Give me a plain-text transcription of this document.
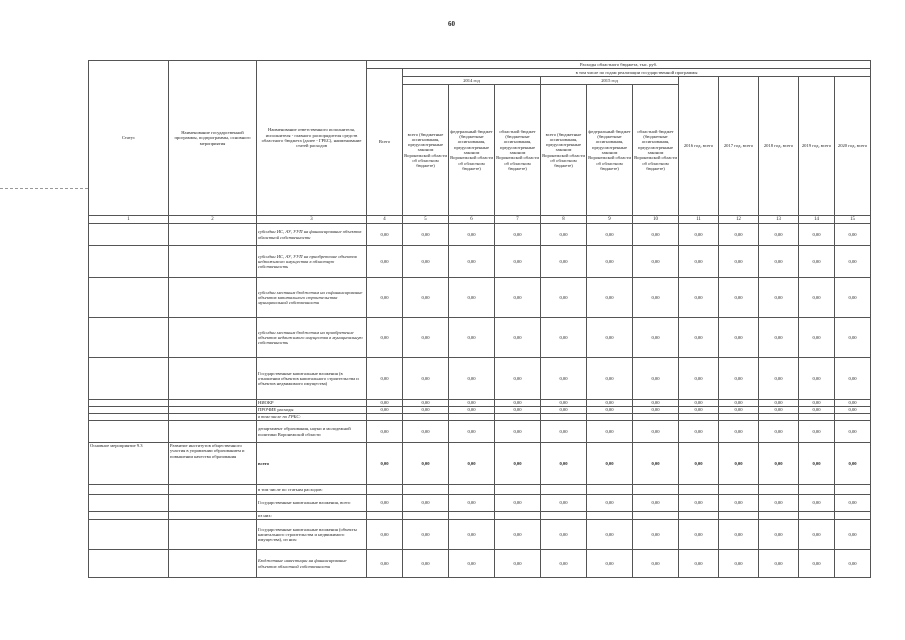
60
Статус	Наименование государственной программы, подпрограммы, основного мероприятия	Наименование ответственного исполнителя, исполнителя - главного распорядителя средств областного бюджета (далее - ГРБС), наименование статей расходов	Расходы областного бюджета, тыс. руб.											
			Всего	в том числе по годам реализации государственной программы										
				2014 год			2015 год			2016 год, всего	2017 год, всего	2018 год, всего	2019 год, всего	2020 год, всего
				всего (бюджетные ассигнования, предусмотренные законом Воронежской области об областном бюджете)	федеральный бюджет (бюджетные ассигнования, предусмотренные законом Воронежской области об областном бюджете)	областной бюджет (бюджетные ассигнования, предусмотренные законом Воронежской области об областном бюджете)	всего (бюджетные ассигнования, предусмотренные законом Воронежской области об областном бюджете)	федеральный бюджет (бюджетные ассигнования, предусмотренные законом Воронежской области об областном бюджете)	областной бюджет (бюджетные ассигнования, предусмотренные законом Воронежской области об областном бюджете)					
1	2	3	4	5	6	7	8	9	10	11	12	13	14	15
		субсидии ИС, АУ, УУП на финансирование объектов областной собственности	0,00	0,00	0,00	0,00	0,00	0,00	0,00	0,00	0,00	0,00	0,00	0,00
		субсидии ИС, АУ, УУП на приобретение объектов недвижимого имущества в областную собственность	0,00	0,00	0,00	0,00	0,00	0,00	0,00	0,00	0,00	0,00	0,00	0,00
		субсидии местным бюджетам на софинансирование объектов капитального строительства муниципальной собственности	0,00	0,00	0,00	0,00	0,00	0,00	0,00	0,00	0,00	0,00	0,00	0,00
		субсидии местным бюджетам на приобретение объектов недвижимого имущества в муниципальную собственность	0,00	0,00	0,00	0,00	0,00	0,00	0,00	0,00	0,00	0,00	0,00	0,00
		Государственные капитальные вложения (в отношении объектов капитального строительства и объектов недвижимого имущества)	0,00	0,00	0,00	0,00	0,00	0,00	0,00	0,00	0,00	0,00	0,00	0,00
		НИОКР	0,00	0,00	0,00	0,00	0,00	0,00	0,00	0,00	0,00	0,00	0,00	0,00
		ПРОЧИЕ расходы	0,00	0,00	0,00	0,00	0,00	0,00	0,00	0,00	0,00	0,00	0,00	0,00
		в том числе по ГРБС:												
		департамент образования, науки и молодежной политики Воронежской области	0,00	0,00	0,00	0,00	0,00	0,00	0,00	0,00	0,00	0,00	0,00	0,00
Основное мероприятие 9.3	Развитие институтов общественного участия в управлении образованием и повышении качества образования	всего	0,00	0,00	0,00	0,00	0,00	0,00	0,00	0,00	0,00	0,00	0,00	0,00
		в том числе по статьям расходов:												
		Государственные капитальные вложения, всего	0,00	0,00	0,00	0,00	0,00	0,00	0,00	0,00	0,00	0,00	0,00	0,00
		из них:												
		Государственные капитальные вложения (объекты капитального строительства и недвижимого имущества), из них:	0,00	0,00	0,00	0,00	0,00	0,00	0,00	0,00	0,00	0,00	0,00	0,00
		Бюджетные инвестиции на финансирование объектов областной собственности	0,00	0,00	0,00	0,00	0,00	0,00	0,00	0,00	0,00	0,00	0,00	0,00
